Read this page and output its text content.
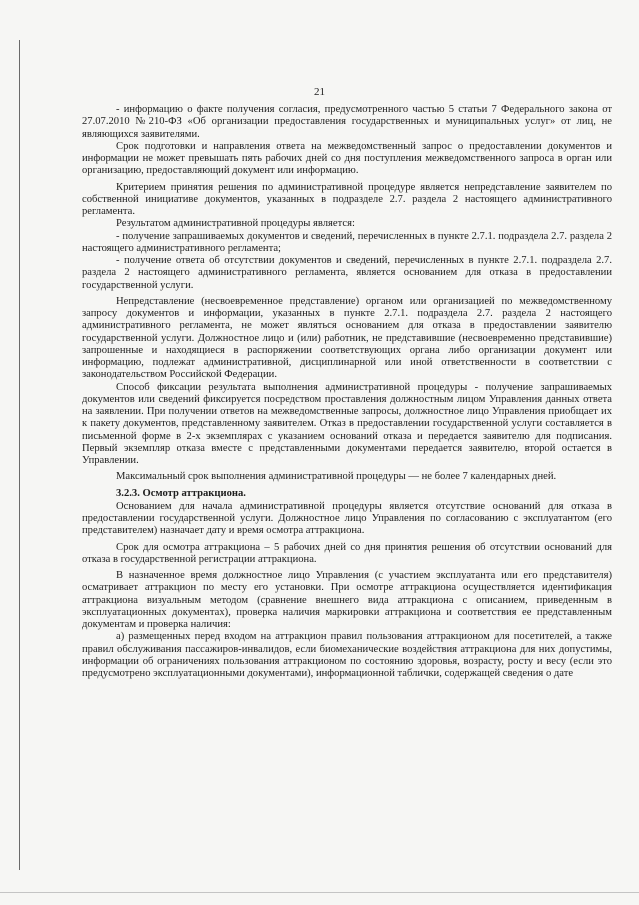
21

- информацию о факте получения согласия, предусмотренного частью 5 статьи 7 Федерального закона от 27.07.2010 №210-ФЗ «Об организации предоставления государственных и муниципальных услуг» от лиц, не являющихся заявителями.

Срок подготовки и направления ответа на межведомственный запрос о предоставлении документов и информации не может превышать пять рабочих дней со дня поступления межведомственного запроса в орган или организацию, предоставляющий документ или информацию.

Критерием принятия решения по административной процедуре является непредставление заявителем по собственной инициативе документов, указанных в подразделе 2.7. раздела 2 настоящего административного регламента.

Результатом административной процедуры является:

- получение запрашиваемых документов и сведений, перечисленных в пункте 2.7.1. подраздела 2.7. раздела 2 настоящего административного регламента;

- получение ответа об отсутствии документов и сведений, перечисленных в пункте 2.7.1. подраздела 2.7. раздела 2 настоящего административного регламента, является основанием для отказа в предоставлении государственной услуги.

Непредставление (несвоевременное представление) органом или организацией по межведомственному запросу документов и информации, указанных в пункте 2.7.1. подраздела 2.7. раздела 2 настоящего административного регламента, не может являться основанием для отказа в предоставлении заявителю государственной услуги. Должностное лицо и (или) работник, не представившие (несвоевременно представившие) запрошенные и находящиеся в распоряжении соответствующих органа либо организации документ или информацию, подлежат административной, дисциплинарной или иной ответственности в соответствии с законодательством Российской Федерации.

Способ фиксации результата выполнения административной процедуры - получение запрашиваемых документов или сведений фиксируется посредством проставления должностным лицом Управления данных ответа на заявлении. При получении ответов на межведомственные запросы, должностное лицо Управления приобщает их к пакету документов, представленному заявителем. Отказ в предоставлении государственной услуги составляется в письменной форме в 2-х экземплярах с указанием оснований отказа и передается заявителю для подписания. Первый экземпляр отказа вместе с представленными документами передается заявителю, второй остается в Управлении.

Максимальный срок выполнения административной процедуры — не более 7 календарных дней.

3.2.3. Осмотр аттракциона.

Основанием для начала административной процедуры является отсутствие оснований для отказа в предоставлении государственной услуги. Должностное лицо Управления по согласованию с эксплуатантом (его представителем) назначает дату и время осмотра аттракциона.

Срок для осмотра аттракциона – 5 рабочих дней со дня принятия решения об отсутствии оснований для отказа в государственной регистрации аттракциона.

В назначенное время должностное лицо Управления (с участием эксплуатанта или его представителя) осматривает аттракцион по месту его установки. При осмотре аттракциона осуществляется идентификация аттракциона визуальным методом (сравнение внешнего вида аттракциона с описанием, приведенным в эксплуатационных документах), проверка наличия маркировки аттракциона и соответствия ее представленным документам и проверка наличия:

а) размещенных перед входом на аттракцион правил пользования аттракционом для посетителей, а также правил обслуживания пассажиров-инвалидов, если биомеханические воздействия аттракциона для них допустимы, информации об ограничениях пользования аттракционом по состоянию здоровья, возрасту, росту и весу (если это предусмотрено эксплуатационными документами), информационной таблички, содержащей сведения о дате
